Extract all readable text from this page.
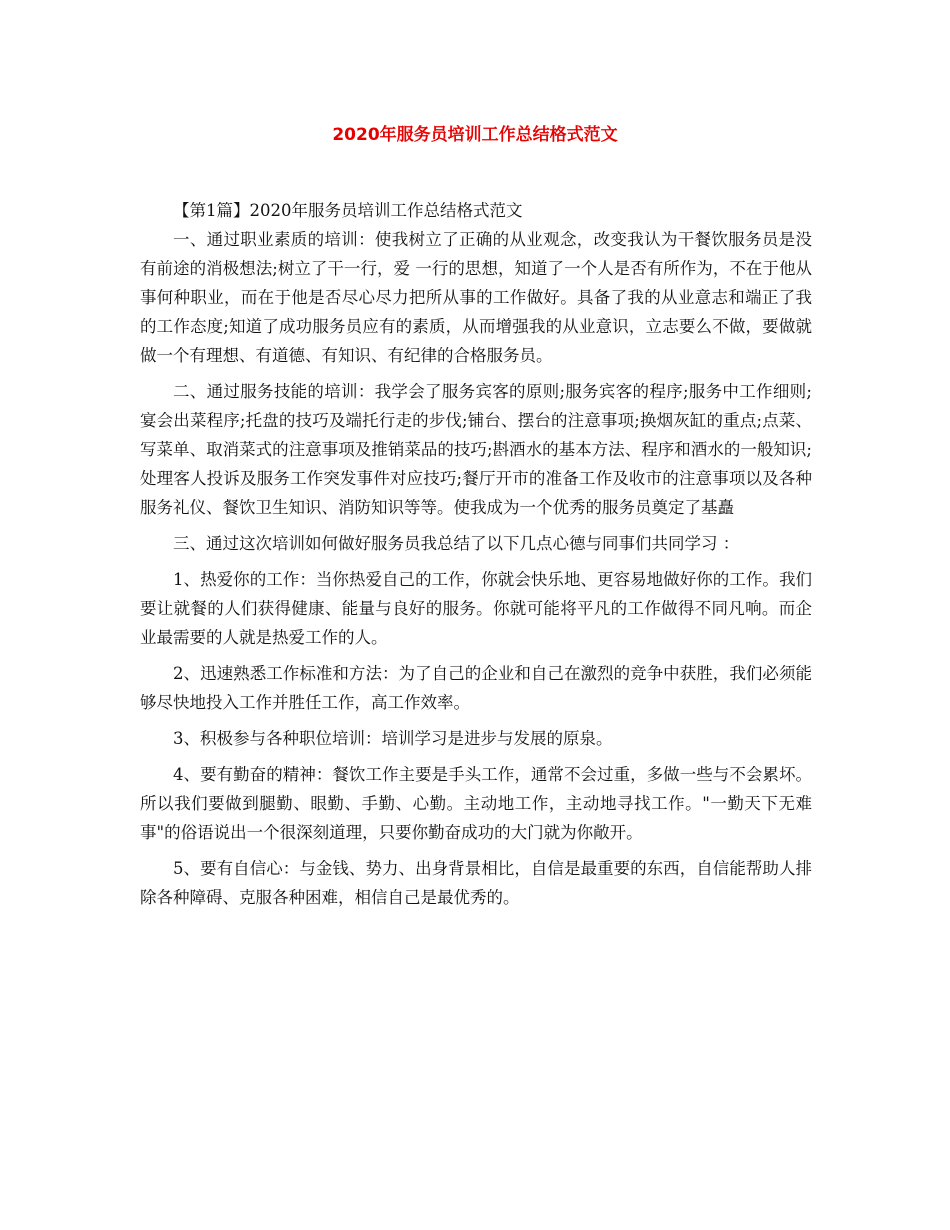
2020年服务员培训工作总结格式范文

【第1篇】2020年服务员培训工作总结格式范文

一、通过职业素质的培训：使我树立了正确的从业观念，改变我认为干餐饮服务员是没有前途的消极想法;树立了干一行，爱 一行的思想，知道了一个人是否有所作为，不在于他从事何种职业，而在于他是否尽心尽力把所从事的工作做好。具备了我的从业意志和端正了我的工作态度;知道了成功服务员应有的素质，从而增强我的从业意识，立志要么不做，要做就做一个有理想、有道德、有知识、有纪律的合格服务员。

二、通过服务技能的培训：我学会了服务宾客的原则;服务宾客的程序;服务中工作细则;宴会出菜程序;托盘的技巧及端托行走的步伐;铺台、摆台的注意事项;换烟灰缸的重点;点菜、写菜单、取消菜式的注意事项及推销菜品的技巧;斟酒水的基本方法、程序和酒水的一般知识;处理客人投诉及服务工作突发事件对应技巧;餐厅开市的准备工作及收市的注意事项以及各种服务礼仪、餐饮卫生知识、消防知识等等。使我成为一个优秀的服务员奠定了基矗

三、通过这次培训如何做好服务员我总结了以下几点心德与同事们共同学习 ：

1、热爱你的工作：当你热爱自己的工作，你就会快乐地、更容易地做好你的工作。我们要让就餐的人们获得健康、能量与良好的服务。你就可能将平凡的工作做得不同凡响。而企业最需要的人就是热爱工作的人。

2、迅速熟悉工作标准和方法：为了自己的企业和自己在激烈的竞争中获胜，我们必须能够尽快地投入工作并胜任工作，高工作效率。

3、积极参与各种职位培训：培训学习是进步与发展的原泉。

4、要有勤奋的精神：餐饮工作主要是手头工作，通常不会过重，多做一些与不会累坏。所以我们要做到腿勤、眼勤、手勤、心勤。主动地工作，主动地寻找工作。"一勤天下无难事"的俗语说出一个很深刻道理，只要你勤奋成功的大门就为你敞开。

5、要有自信心：与金钱、势力、出身背景相比，自信是最重要的东西，自信能帮助人排除各种障碍、克服各种困难，相信自己是最优秀的。
